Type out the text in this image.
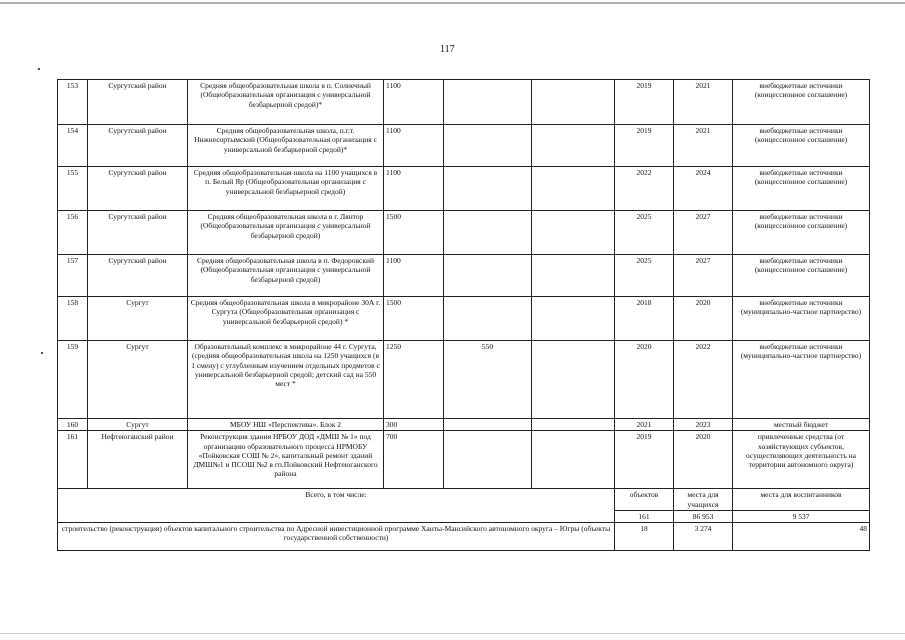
117
153	Сургутский район	Средняя общеобразовательная школа в п. Солнечный (Общеобразовательная организация с универсальной безбарьерной средой)*	1100			2019	2021	внебюджетные источники (концессионное соглашение)
154	Сургутский район	Средняя общеобразовательная школа, п.г.т. Нижнесортымский (Общеобразовательная организация с универсальной безбарьерной средой)*	1100			2019	2021	внебюджетные источники (концессионное соглашение)
155	Сургутский район	Средняя общеобразовательная школа на 1100 учащихся в п. Белый Яр (Общеобразовательная организация с универсальной безбарьерной средой)	1100			2022	2024	внебюджетные источники (концессионное соглашение)
156	Сургутский район	Средняя общеобразовательная школа в г. Лянтор (Общеобразовательная организация с универсальной безбарьерной средой)	1500			2025	2027	внебюджетные источники (концессионное соглашение)
157	Сургутский район	Средняя общеобразовательная школа в п. Федоровский (Общеобразовательная организация с универсальной безбарьерной средой)	1100			2025	2027	внебюджетные источники (концессионное соглашение)
158	Сургут	Средняя общеобразовательная школа в микрорайоне 30А г. Сургута (Общеобразовательная организация с универсальной безбарьерной средой) *	1500			2018	2020	внебюджетные источники (муниципально-частное партнерство)
159	Сургут	Образовательный комплекс в микрорайоне 44 г. Сургута, (средняя общеобразовательная школа на 1250 учащихся (в 1 смену) с углубленным изучением отдельных предметов с универсальной безбарьерной средой; детский сад на 550 мест *	1250	550		2020	2022	внебюджетные источники (муниципально-частное партнерство)
160	Сургут	МБОУ НШ «Перспектива». Блок 2	300			2021	2023	местный бюджет
161	Нефтеюганский район	Реконструкция здания НРБОУ ДОД «ДМШ № 1» под организацию образовательного процесса НРМОБУ «Пойковская СОШ № 2», капитальный ремонт зданий ДМШ№1 и ПСОШ №2 в гп.Пойковский Нефтеюганского района	700			2019	2020	привлеченные средства (от хозяйствующих субъектов, осуществляющих деятельность на территории автономного округа)
Всего, в том числе:						объектов	места для учащихся	места для воспитанников
						161	86 953	9 537
строительство (реконструкция) объектов капитального строительства по Адресной инвестиционной программе Ханты-Мансийского автономного округа – Югры (объекты государственной собственности)						18	3 274	48
